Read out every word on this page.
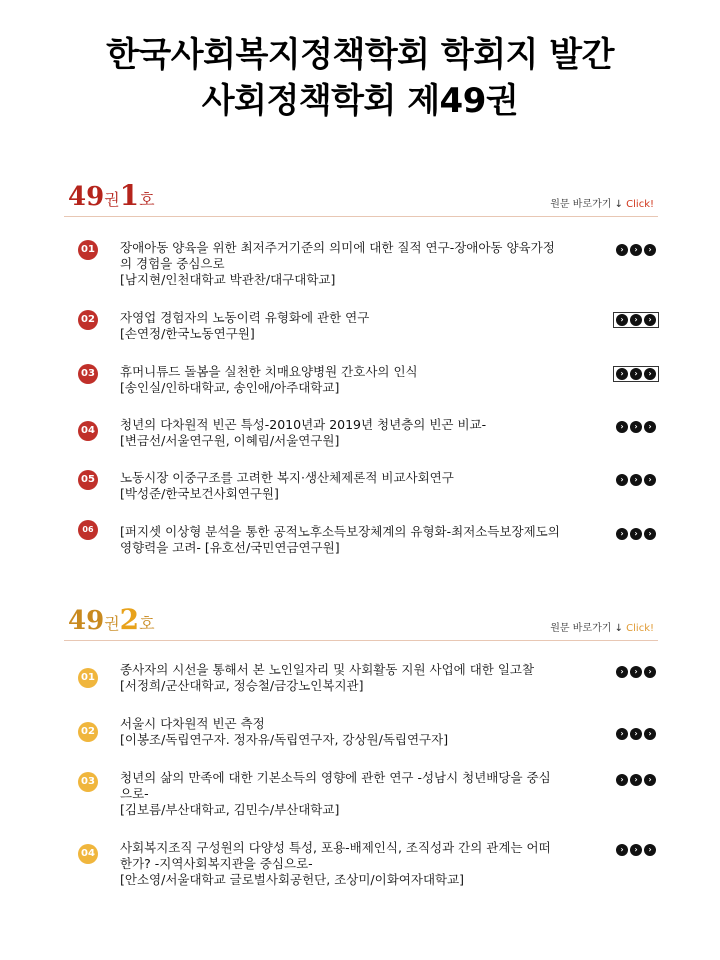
한국사회복지정책학회 학회지 발간
사회정책학회 제49권
49권1호	원문 바로가기 ↓ Click!
01 장애아동 양육을 위한 최저주거기준의 의미에 대한 질적 연구-장애아동 양육가정의 경험을 중심으로
[남지현/인천대학교 박관찬/대구대학교]
›	›	›
02 자영업 경험자의 노동이력 유형화에 관한 연구
[손연정/한국노동연구원]
›	›	›
03 휴머니튜드 돌봄을 실천한 치매요양병원 간호사의 인식
[송인실/인하대학교, 송인애/아주대학교]
›	›	›
04 청년의 다차원적 빈곤 특성-2010년과 2019년 청년층의 빈곤 비교-
[변금선/서울연구원, 이혜림/서울연구원]
›	›	›
05 노동시장 이중구조를 고려한 복지·생산체제론적 비교사회연구
[박성준/한국보건사회연구원]
›	›	›
06	[퍼지셋 이상형 분석을 통한 공적노후소득보장체계의 유형화-최저소득보장제도의 영향력을 고려- [유호선/국민연금연구원]
›	›	›
49권2호	원문 바로가기 ↓ Click!
01
종사자의 시선을 통해서 본 노인일자리 및 사회활동 지원 사업에 대한 일고찰
[서정희/군산대학교, 정승철/금강노인복지관]
›	›	›
02
서울시 다차원적 빈곤 측정
[이봉조/독립연구자. 정자유/독립연구자, 강상원/독립연구자]	›	›	›
03 청년의 삶의 만족에 대한 기본소득의 영향에 관한 연구 -성남시 청년배당을 중심으로-
[김보름/부산대학교, 김민수/부산대학교]
›	›	›
04 사회복지조직 구성원의 다양성 특성, 포용-배제인식, 조직성과 간의 관계는 어떠한가? -지역사회복지관을 중심으로-
[안소영/서울대학교 글로벌사회공헌단, 조상미/이화여자대학교]
›	›	›
